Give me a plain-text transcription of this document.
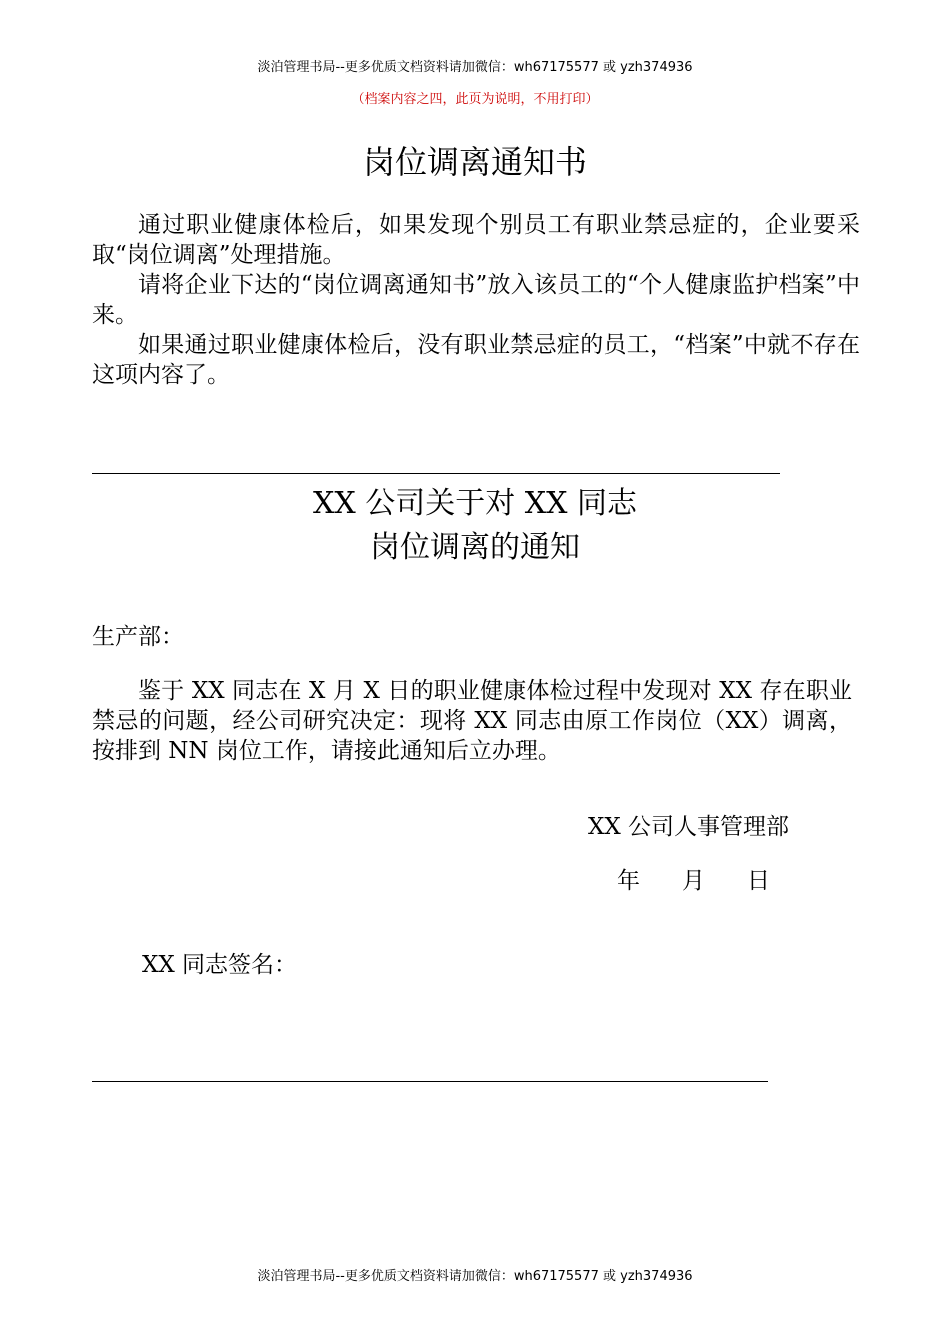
淡泊管理书局--更多优质文档资料请加微信：wh67175577 或 yzh374936
（档案内容之四，此页为说明，不用打印）
岗位调离通知书

通过职业健康体检后，如果发现个别员工有职业禁忌症的，企业要采取“岗位调离”处理措施。

请将企业下达的“岗位调离通知书”放入该员工的“个人健康监护档案”中来。

如果通过职业健康体检后，没有职业禁忌症的员工，“档案”中就不存在这项内容了。

XX 公司关于对 XX 同志
岗位调离的通知
生产部：
鉴于 XX 同志在 X 月 X 日的职业健康体检过程中发现对 XX 存在职业禁忌的问题，经公司研究决定：现将 XX 同志由原工作岗位（XX）调离，按排到 NN 岗位工作，请接此通知后立办理。
XX 公司人事管理部
年 月 日
XX 同志签名：
淡泊管理书局--更多优质文档资料请加微信：wh67175577 或 yzh374936
